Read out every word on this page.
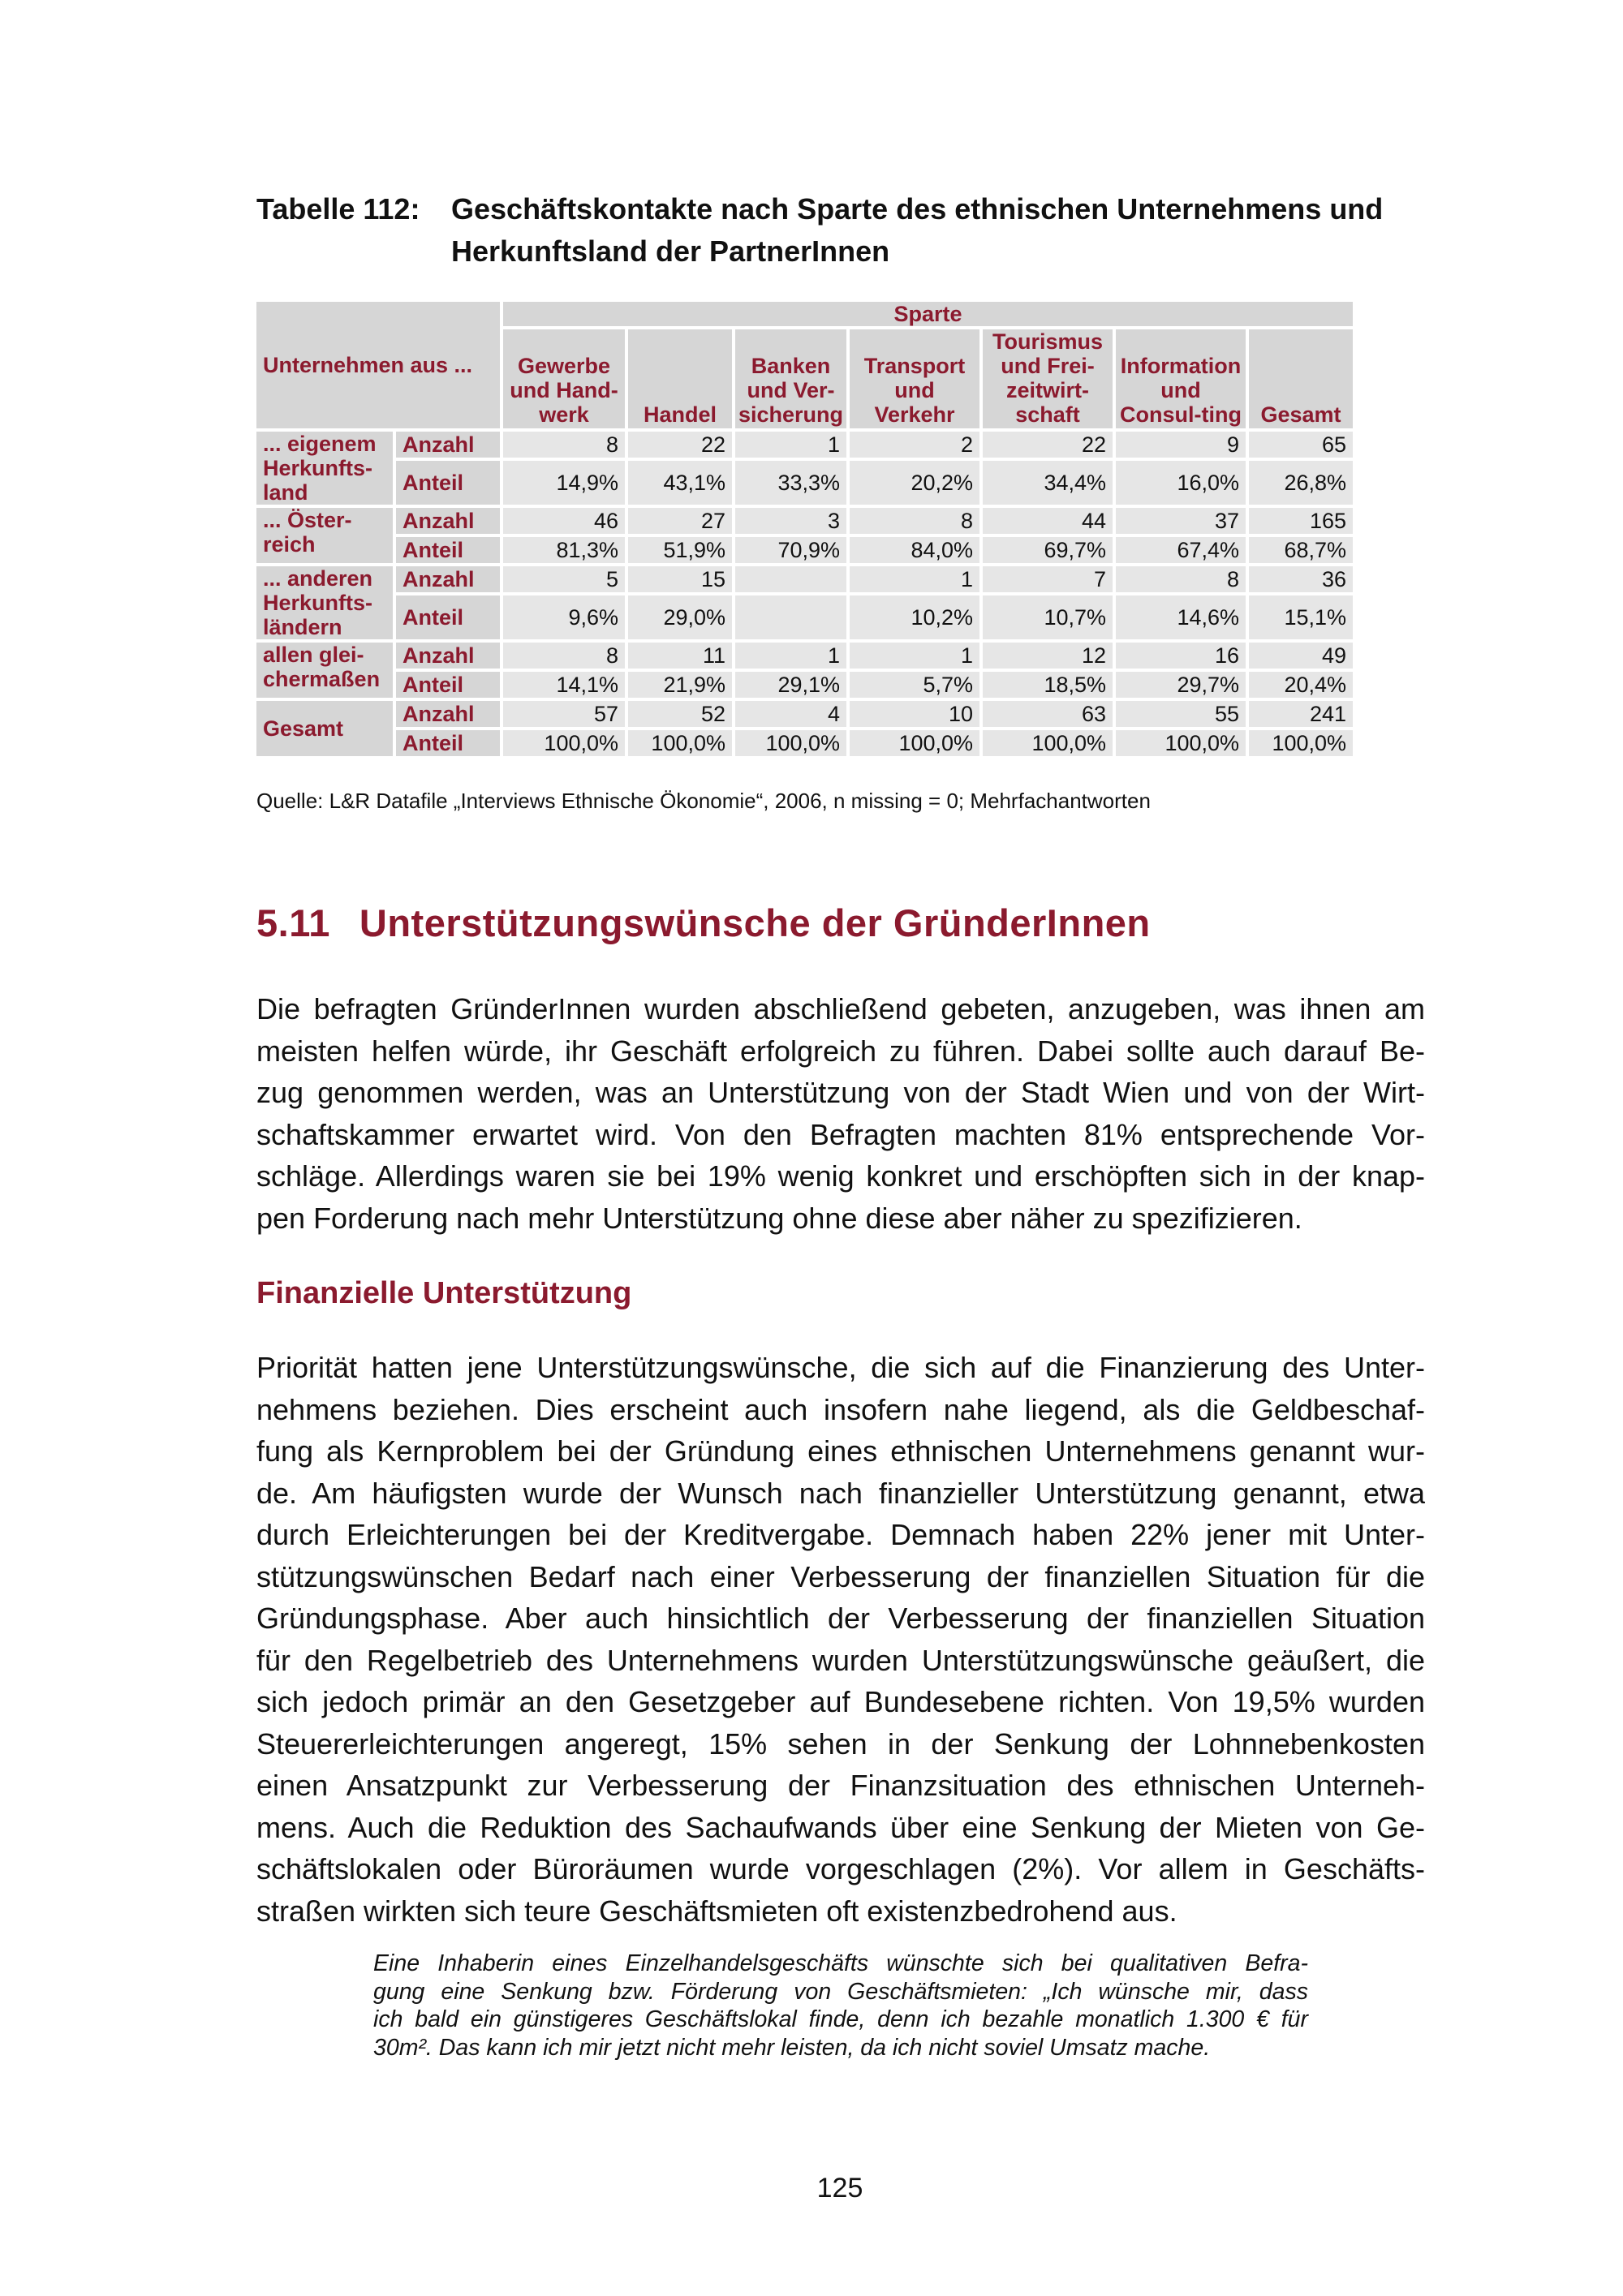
Tabelle 112: Geschäftskontakte nach Sparte des ethnischen Unternehmens und Herkunftsland der PartnerInnen
Unternehmen aus ...		Sparte						
		Gewerbe und Hand-werk	Handel	Banken und Ver-sicherung	Transport und Verkehr	Tourismus und Frei-zeitwirt-schaft	Information und Consul-ting	Gesamt
... eigenem Herkunfts-land	Anzahl	8	22	1	2	22	9	65
	Anteil	14,9%	43,1%	33,3%	20,2%	34,4%	16,0%	26,8%
... Öster-reich	Anzahl	46	27	3	8	44	37	165
	Anteil	81,3%	51,9%	70,9%	84,0%	69,7%	67,4%	68,7%
... anderen Herkunfts-ländern	Anzahl	5	15		1	7	8	36
	Anteil	9,6%	29,0%		10,2%	10,7%	14,6%	15,1%
allen glei-chermaßen	Anzahl	8	11	1	1	12	16	49
	Anteil	14,1%	21,9%	29,1%	5,7%	18,5%	29,7%	20,4%
Gesamt	Anzahl	57	52	4	10	63	55	241
	Anteil	100,0%	100,0%	100,0%	100,0%	100,0%	100,0%	100,0%
Quelle: L&R Datafile „Interviews Ethnische Ökonomie“, 2006, n missing = 0; Mehrfachantworten
5.11 Unterstützungswünsche der GründerInnen
Die befragten GründerInnen wurden abschließend gebeten, anzugeben, was ihnen am
meisten helfen würde, ihr Geschäft erfolgreich zu führen. Dabei sollte auch darauf Be-
zug genommen werden, was an Unterstützung von der Stadt Wien und von der Wirt-
schaftskammer erwartet wird. Von den Befragten machten 81% entsprechende Vor-
schläge. Allerdings waren sie bei 19% wenig konkret und erschöpften sich in der knap-
pen Forderung nach mehr Unterstützung ohne diese aber näher zu spezifizieren.
Finanzielle Unterstützung
Priorität hatten jene Unterstützungswünsche, die sich auf die Finanzierung des Unter-
nehmens beziehen. Dies erscheint auch insofern nahe liegend, als die Geldbeschaf-
fung als Kernproblem bei der Gründung eines ethnischen Unternehmens genannt wur-
de. Am häufigsten wurde der Wunsch nach finanzieller Unterstützung genannt, etwa
durch Erleichterungen bei der Kreditvergabe. Demnach haben 22% jener mit Unter-
stützungswünschen Bedarf nach einer Verbesserung der finanziellen Situation für die
Gründungsphase. Aber auch hinsichtlich der Verbesserung der finanziellen Situation
für den Regelbetrieb des Unternehmens wurden Unterstützungswünsche geäußert, die
sich jedoch primär an den Gesetzgeber auf Bundesebene richten. Von 19,5% wurden
Steuererleichterungen angeregt, 15% sehen in der Senkung der Lohnnebenkosten
einen Ansatzpunkt zur Verbesserung der Finanzsituation des ethnischen Unterneh-
mens. Auch die Reduktion des Sachaufwands über eine Senkung der Mieten von Ge-
schäftslokalen oder Büroräumen wurde vorgeschlagen (2%). Vor allem in Geschäfts-
straßen wirkten sich teure Geschäftsmieten oft existenzbedrohend aus.
Eine Inhaberin eines Einzelhandelsgeschäfts wünschte sich bei qualitativen Befra-
gung eine Senkung bzw. Förderung von Geschäftsmieten: „Ich wünsche mir, dass
ich bald ein günstigeres Geschäftslokal finde, denn ich bezahle monatlich 1.300 € für
30m². Das kann ich mir jetzt nicht mehr leisten, da ich nicht soviel Umsatz mache.
125
